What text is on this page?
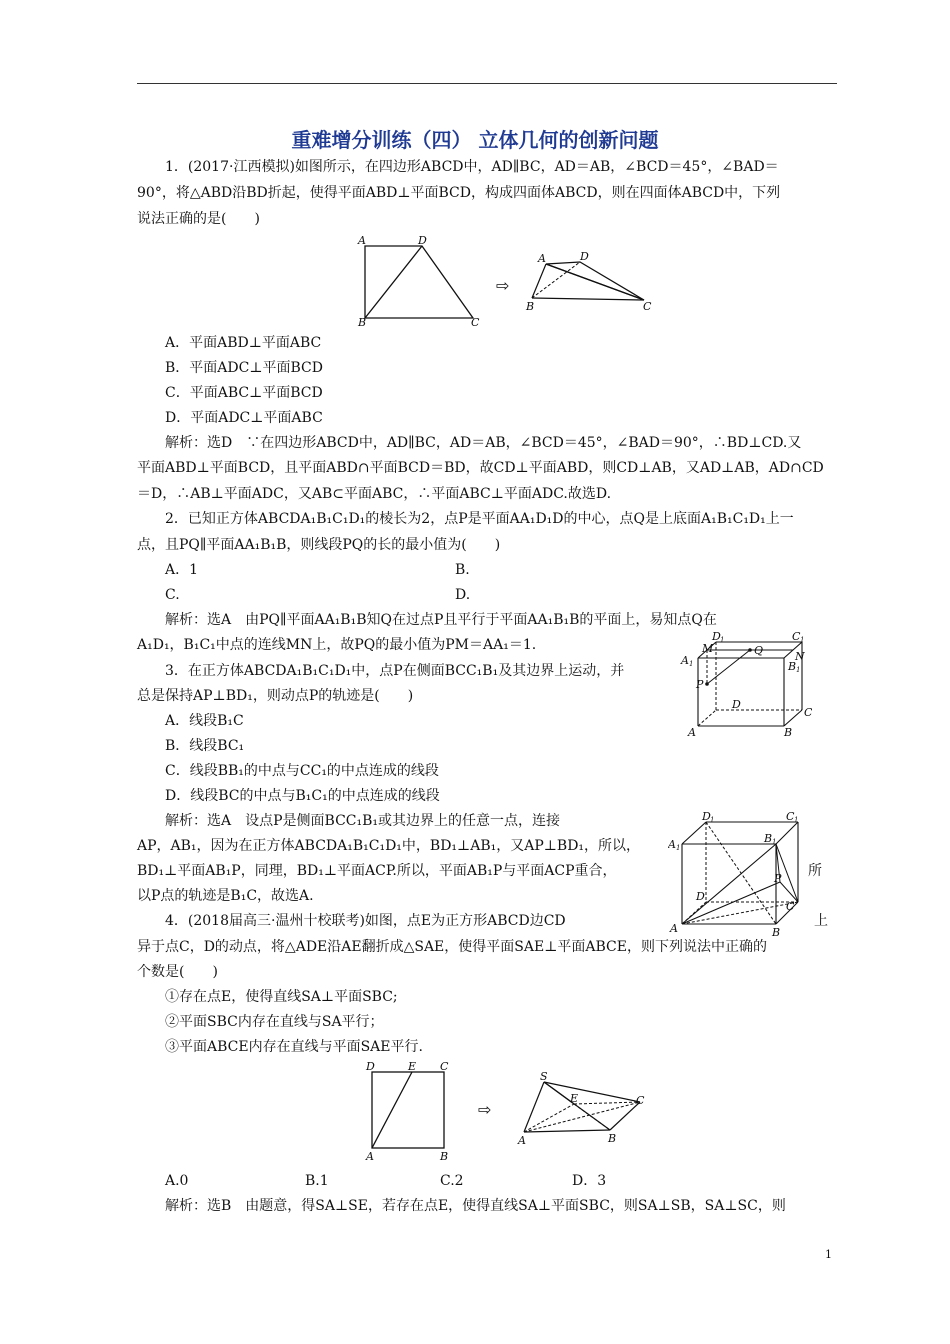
重难增分训练（四） 立体几何的创新问题
1．(2017·江西模拟)如图所示，在四边形ABCD中，AD∥BC，AD＝AB，∠BCD＝45°，∠BAD＝
90°，将△ABD沿BD折起，使得平面ABD⊥平面BCD，构成四面体ABCD，则在四面体ABCD中，下列
说法正确的是(　　)
A	D
B	C
⇨
A	D
B	C
A．平面ABD⊥平面ABC
B．平面ADC⊥平面BCD
C．平面ABC⊥平面BCD
D．平面ADC⊥平面ABC
解析：选D　∵在四边形ABCD中，AD∥BC，AD＝AB，∠BCD＝45°，∠BAD＝90°，∴BD⊥CD.又
平面ABD⊥平面BCD，且平面ABD∩平面BCD＝BD，故CD⊥平面ABD，则CD⊥AB，又AD⊥AB，AD∩CD
＝D，∴AB⊥平面ADC，又AB⊂平面ABC，∴平面ABC⊥平面ADC.故选D.
2．已知正方体ABCDA₁B₁C₁D₁的棱长为2，点P是平面AA₁D₁D的中心，点Q是上底面A₁B₁C₁D₁上一
点，且PQ∥平面AA₁B₁B，则线段PQ的长的最小值为(　　)
A．1	B.
C.	D.
解析：选A　由PQ∥平面AA₁B₁B知Q在过点P且平行于平面AA₁B₁B的平面上，易知点Q在
A₁D₁，B₁C₁中点的连线MN上，故PQ的最小值为PM＝AA₁＝1.	M
D 1
Q
C 1
A 1	B 1
N
P
D
C
A	B
3．在正方体ABCDA₁B₁C₁D₁中，点P在侧面BCC₁B₁及其边界上运动，并
总是保持AP⊥BD₁，则动点P的轨迹是(　　)
A．线段B₁C
B．线段BC₁
C．线段BB₁的中点与CC₁的中点连成的线段
D．线段BC的中点与B₁C₁的中点连成的线段
解析：选A　设点P是侧面BCC₁B₁或其边界上的任意一点，连接
AP，AB₁，因为在正方体ABCDA₁B₁C₁D₁中，BD₁⊥AB₁，又AP⊥BD₁，所以，
BD₁⊥平面AB₁P，同理，BD₁⊥平面ACP.所以，平面AB₁P与平面ACP重合，	所
以P点的轨迹是B₁C，故选A.
D 1	C 1
A 1
B 1
P
D
C
A	B
4．(2018届高三·温州十校联考)如图，点E为正方形ABCD边CD	上
异于点C，D的动点，将△ADE沿AE翻折成△SAE，使得平面SAE⊥平面ABCE，则下列说法中正确的
个数是(　　)
①存在点E，使得直线SA⊥平面SBC;
②平面SBC内存在直线与SA平行；
③平面ABCE内存在直线与平面SAE平行.
D	E C
A	B
⇨
S
E	C
A	B
A.0	B.1	C.2	D．3
解析：选B　由题意，得SA⊥SE，若存在点E，使得直线SA⊥平面SBC，则SA⊥SB，SA⊥SC，则
1
